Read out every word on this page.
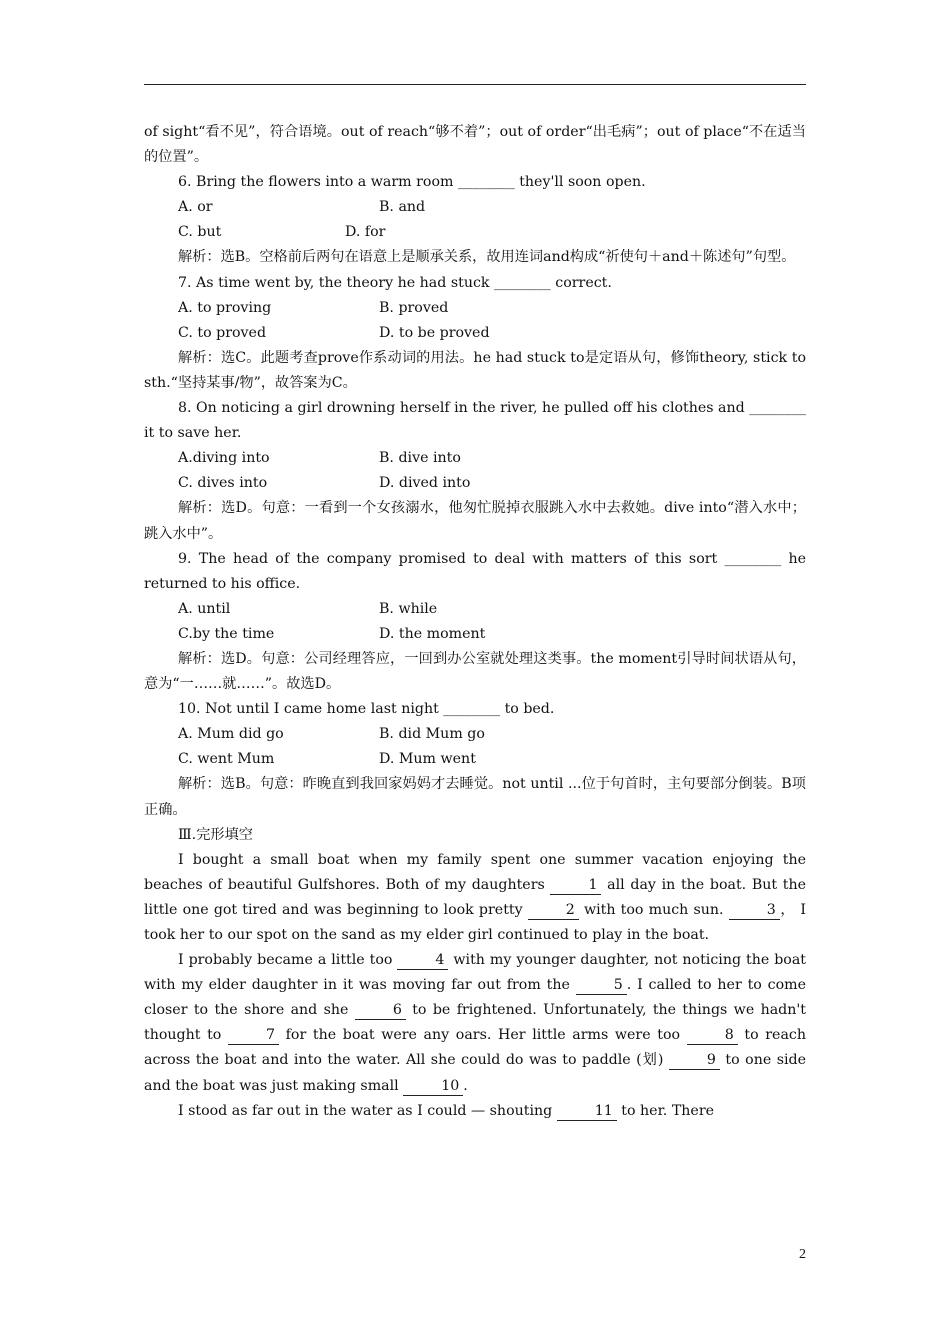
of sight“看不见”，符合语境。out of reach“够不着”；out of order“出毛病”；out of place“不在适当的位置”。

6. Bring the flowers into a warm room ________ they'll soon open.

A. or	B. and
C. but	D. for

解析：选B。空格前后两句在语意上是顺承关系，故用连词and构成“祈使句＋and＋陈述句”句型。

7. As time went by, the theory he had stuck ________ correct.

A. to proving	B. proved
C. to proved	D. to be proved

解析：选C。此题考查prove作系动词的用法。he had stuck to是定语从句，修饰theory, stick to sth.“坚持某事/物”，故答案为C。

8. On noticing a girl drowning herself in the river, he pulled off his clothes and ________ it to save her.

A.diving into	B. dive into
C. dives into	D. dived into

解析：选D。句意：一看到一个女孩溺水，他匆忙脱掉衣服跳入水中去救她。dive into“潜入水中；跳入水中”。

9. The head of the company promised to deal with matters of this sort ________ he returned to his office.

A. until	B. while
C.by the time	D. the moment

解析：选D。句意：公司经理答应，一回到办公室就处理这类事。the moment引导时间状语从句，意为“一……就……”。故选D。

10. Not until I came home last night ________ to bed.

A. Mum did go	B. did Mum go
C. went Mum	D. Mum went

解析：选B。句意：昨晚直到我回家妈妈才去睡觉。not until ...位于句首时，主句要部分倒装。B项正确。

Ⅲ.完形填空

I bought a small boat when my family spent one summer vacation enjoying the beaches of beautiful Gulfshores. Both of my daughters	1 all day in the boat. But the little one got tired and was beginning to look pretty	2 with too much sun.	3 ， I took her to our spot on the sand as my elder girl continued to play in the boat.

I probably became a little too	4 with my younger daughter, not noticing the boat with my elder daughter in it was moving far out from the	5 . I called to her to come closer to the shore and she	6 to be frightened. Unfortunately, the things we hadn't thought to	7 for the boat were any oars. Her little arms were too	8 to reach across the boat and into the water. All she could do was to paddle (划)	9 to one side and the boat was just making small	10 .

I stood as far out in the water as I could — shouting	11 to her. There

2
